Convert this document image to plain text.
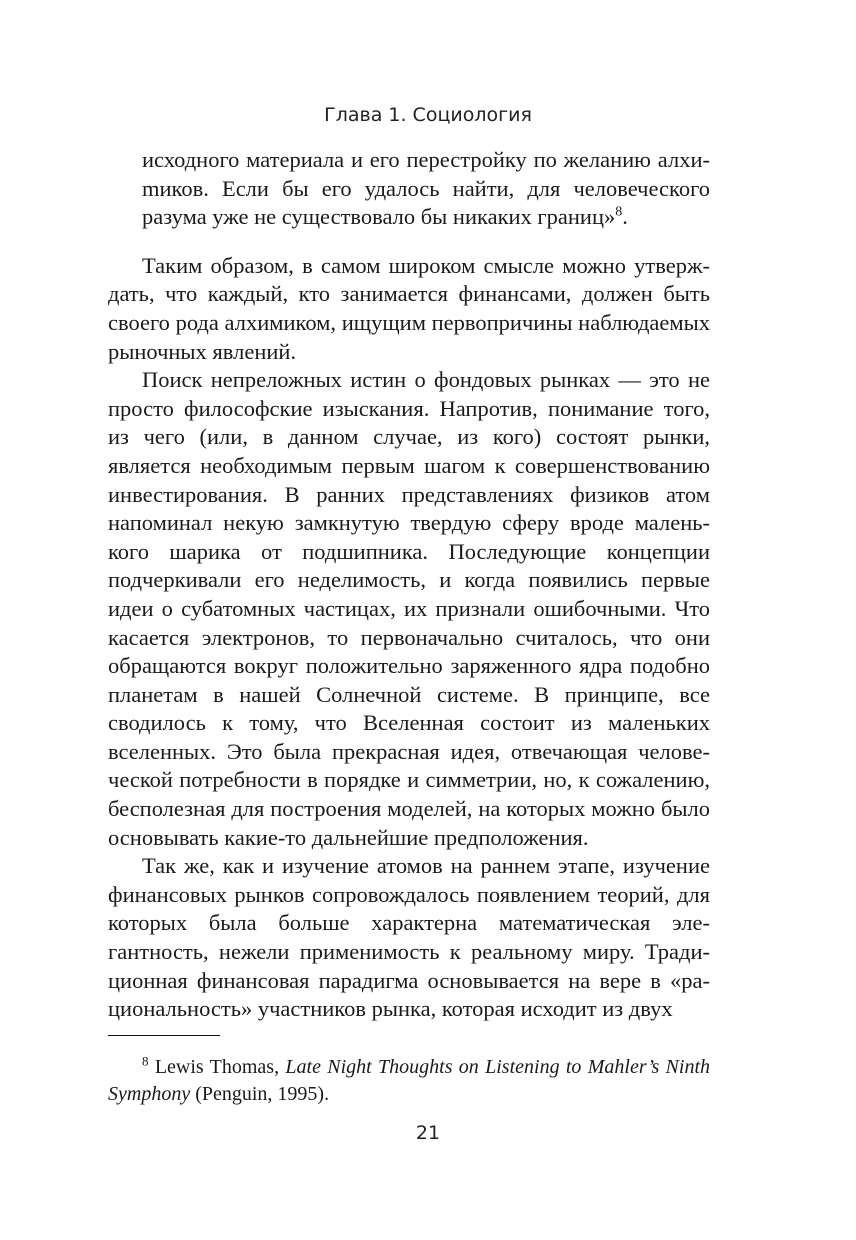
Глава 1. Социология

исходного материала и его перестройку по желанию алхиmиков. Если бы его удалось найти, для человеческого разума уже не существовало бы никаких границ»$^8$.

Таким образом, в самом широком смысле можно утверждать, что каждый, кто занимается финансами, должен быть своего рода алхимиком, ищущим первопричины наблюдаемых рыночных явлений.

Поиск непреложных истин о фондовых рынках — это не просто философские изыскания. Напротив, понимание того, из чего (или, в данном случае, из кого) состоят рынки, является необходимым первым шагом к совершенствованию инвестирования. В ранних представлениях физиков атом напоминал некую замкнутую твердую сферу вроде маленького шарика от подшипника. Последующие концепции подчеркивали его неделимость, и когда появились первые идеи о субатомных частицах, их признали ошибочными. Что касается электронов, то первоначально считалось, что они обращаются вокруг положительно заряженного ядра подобно планетам в нашей Солнечной системе. В принципе, все сводилось к тому, что Вселенная состоит из маленьких вселенных. Это была прекрасная идея, отвечающая человеческой потребности в порядке и симметрии, но, к сожалению, бесполезная для построения моделей, на которых можно было основывать какие-то дальнейшие предположения.

Так же, как и изучение атомов на раннем этапе, изучение финансовых рынков сопровождалось появлением теорий, для которых была больше характерна математическая элегантность, нежели применимость к реальному миру. Традиционная финансовая парадигма основывается на вере в «рациональность» участников рынка, которая исходит из двух

$^8$ Lewis Thomas, Late Night Thoughts on Listening to Mahler’s Ninth Symphony (Penguin, 1995).

21
